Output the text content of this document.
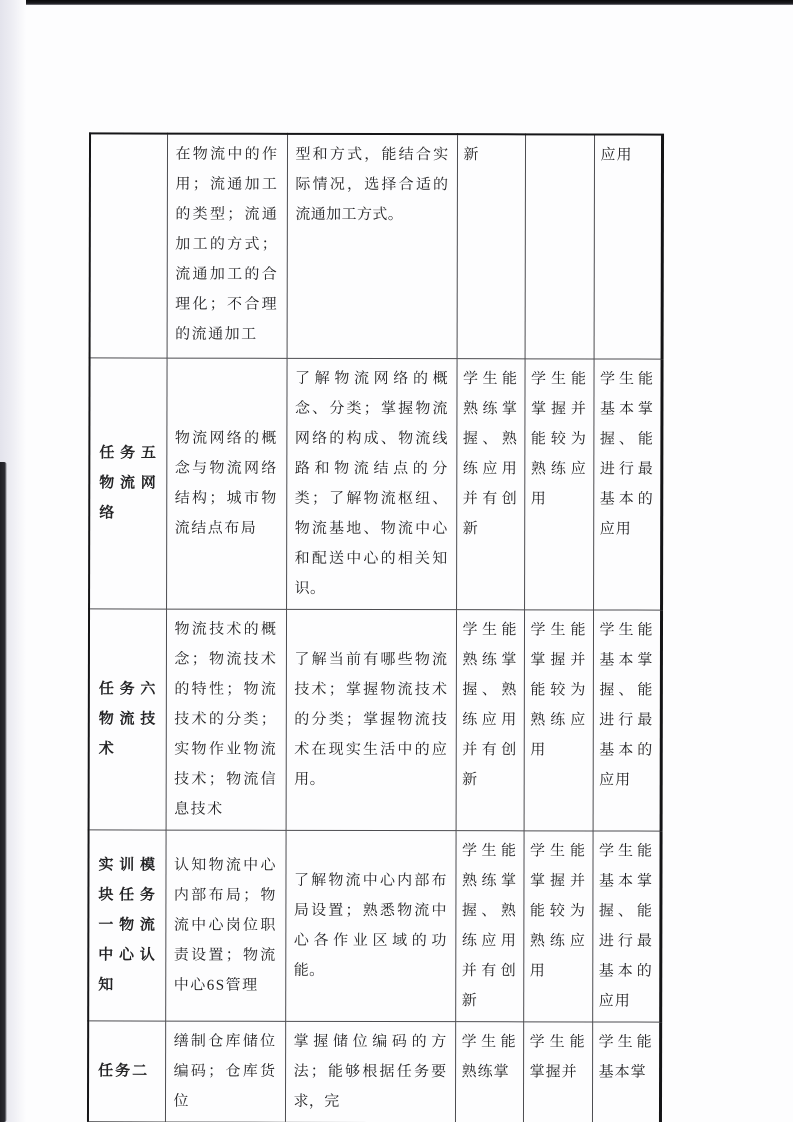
	在物流中的作用；流通加工的类型；流通加工的方式；流通加工的合理化；不合理的流通加工	型和方式，能结合实际情况，选择合适的流通加工方式。	新		应用
任务五物流网络	物流网络的概念与物流网络结构；城市物流结点布局	了解物流网络的概念、分类；掌握物流网络的构成、物流线路和物流结点的分类；了解物流枢纽、物流基地、物流中心和配送中心的相关知识。	学生能熟练掌握、熟练应用并有创新	学生能掌握并能较为熟练应用	学生能基本掌握、能进行最基本的应用
任务六物流技术	物流技术的概念；物流技术的特性；物流技术的分类；实物作业物流技术；物流信息技术	了解当前有哪些物流技术；掌握物流技术的分类；掌握物流技术在现实生活中的应用。	学生能熟练掌握、熟练应用并有创新	学生能掌握并能较为熟练应用	学生能基本掌握、能进行最基本的应用
实训模块任务一物流中心认知	认知物流中心内部布局；物流中心岗位职责设置；物流中心6S管理	了解物流中心内部布局设置；熟悉物流中心各作业区域的功能。	学生能熟练掌握、熟练应用并有创新	学生能掌握并能较为熟练应用	学生能基本掌握、能进行最基本的应用
任务二	缮制仓库储位编码；仓库货位	掌握储位编码的方法；能够根据任务要求，完	学生能熟练掌	学生能掌握并	学生能基本掌
